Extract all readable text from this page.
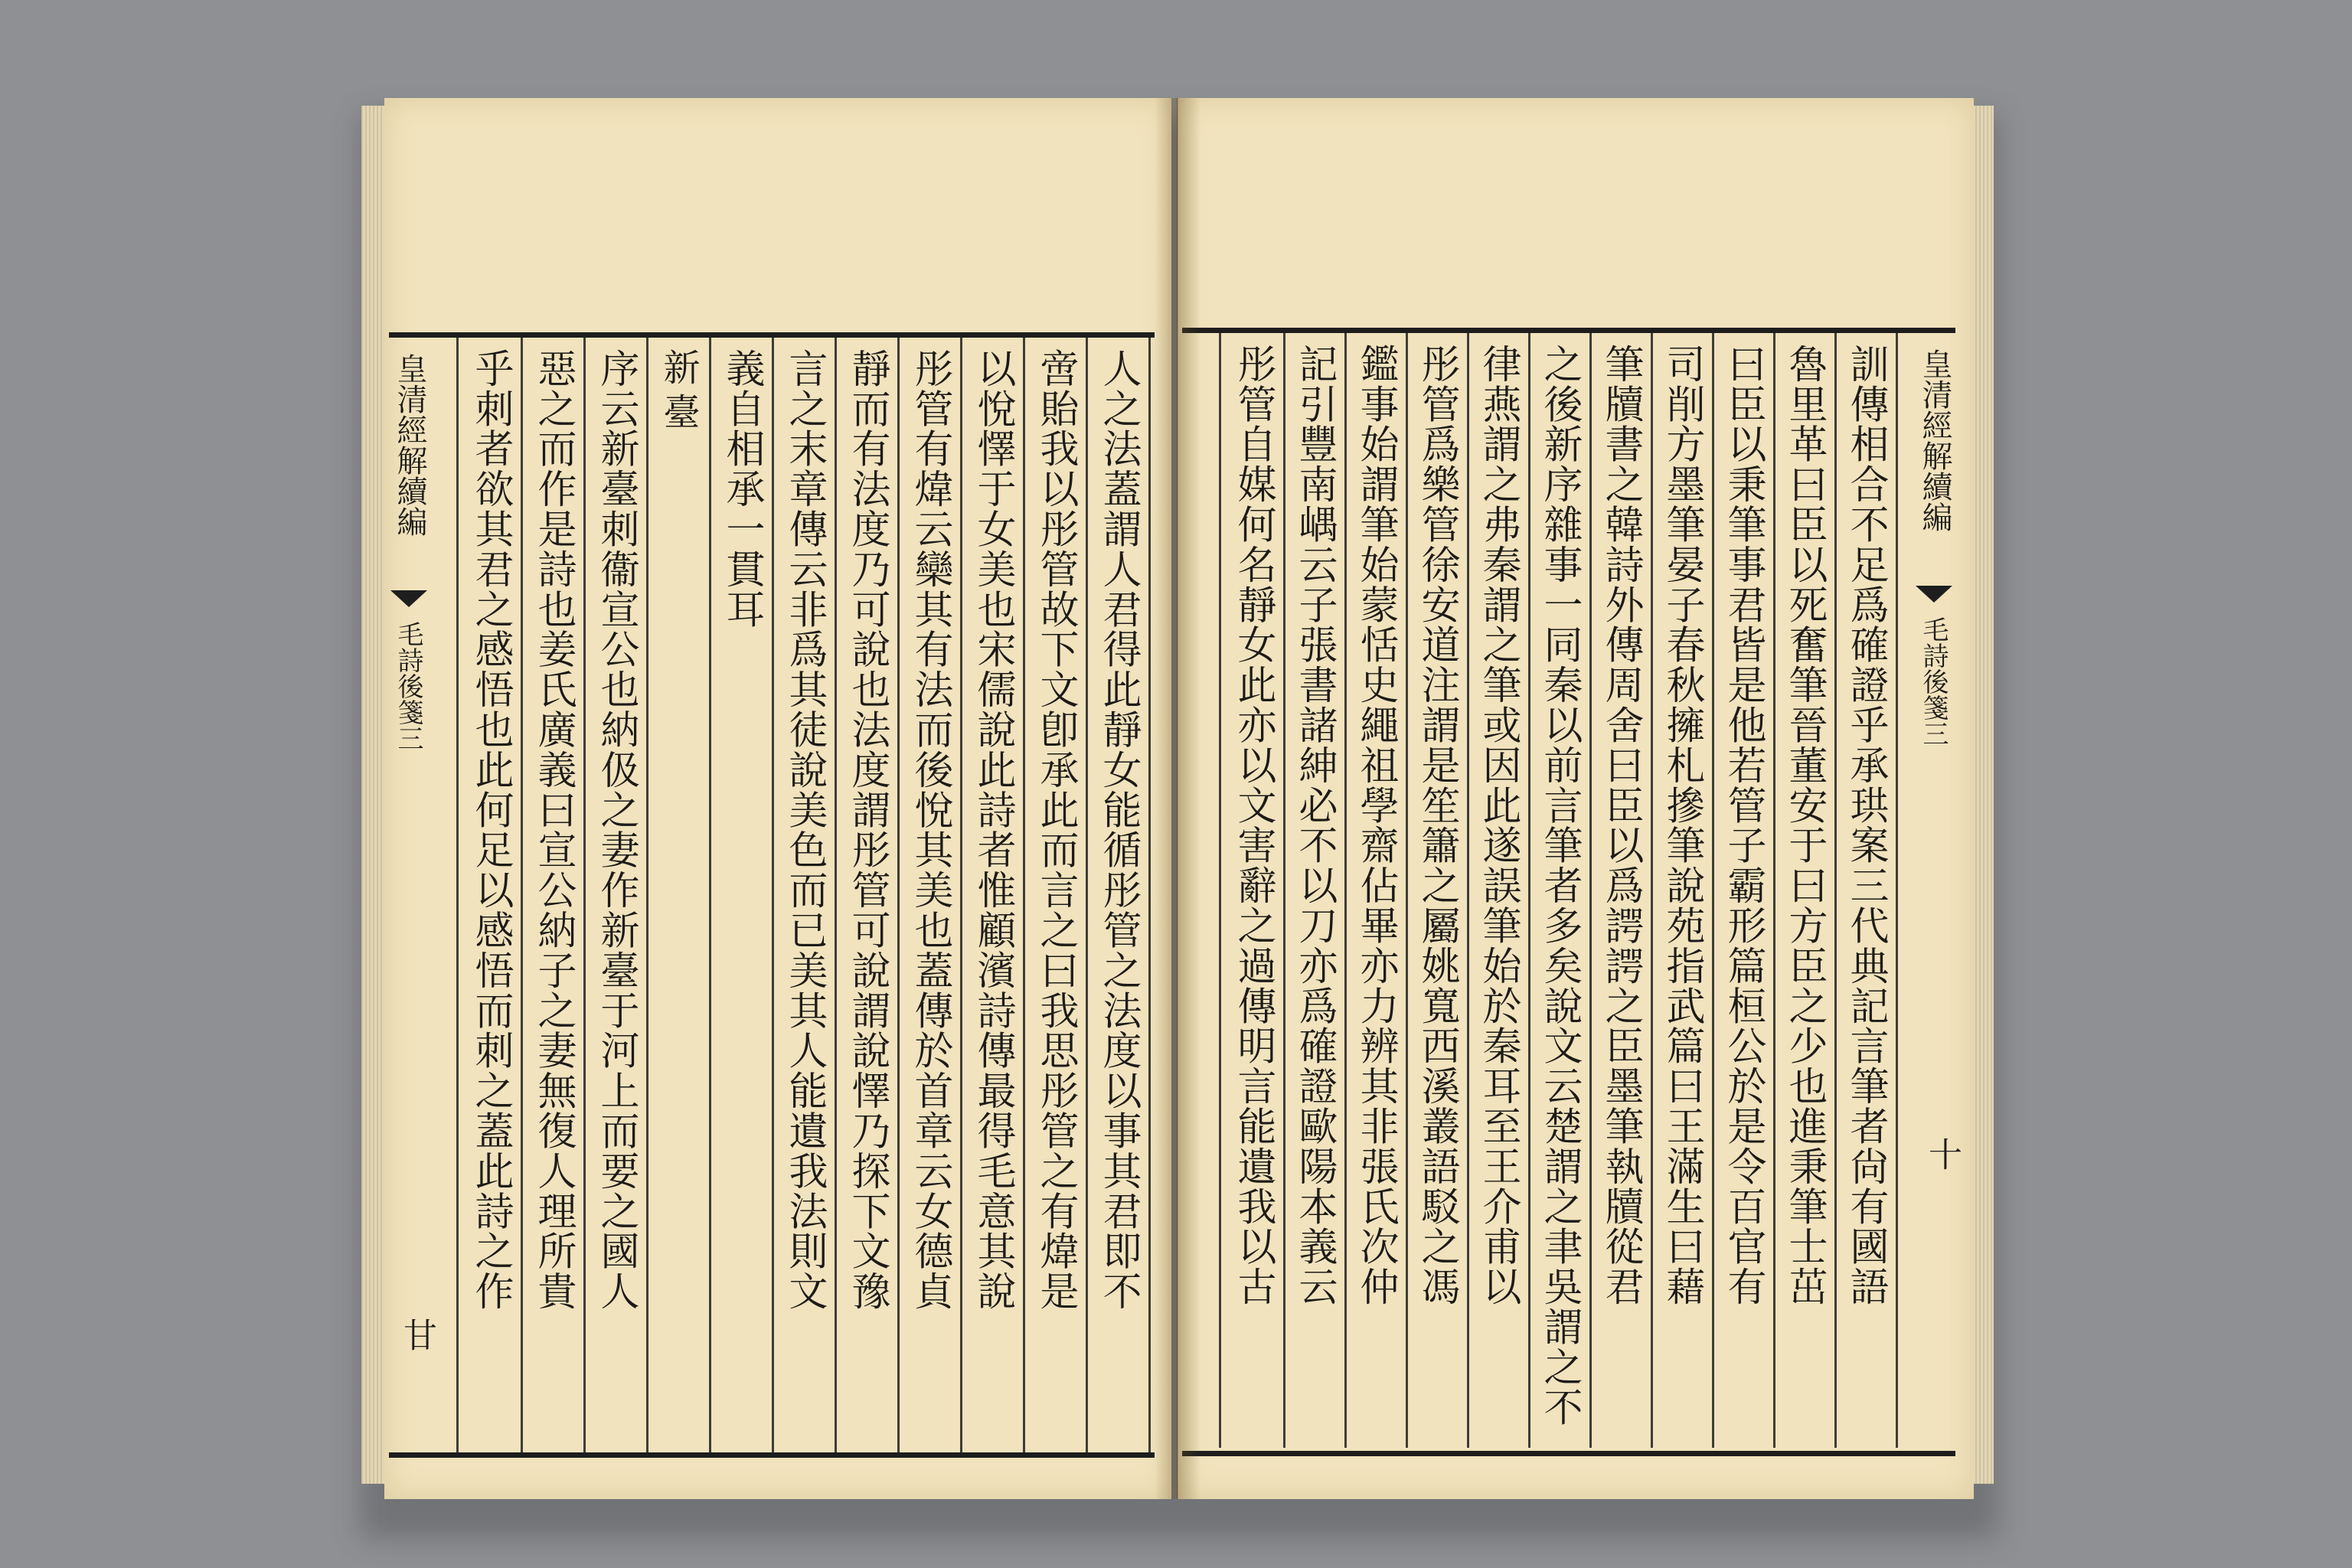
皇清經解續編
毛詩後箋三
甘
人之法蓋謂人君得此靜女能循彤管之法度以事其君即不
啻貽我以彤管故下文卽承此而言之曰我思彤管之有煒是
以悅懌于女美也宋儒說此詩者惟顧濱詩傳最得毛意其說
彤管有煒云欒其有法而後悅其美也蓋傳於首章云女德貞
靜而有法度乃可說也法度謂彤管可說謂說懌乃探下文豫
言之末章傳云非爲其徒說美色而已美其人能遺我法則文
義自相承一貫耳
新臺
序云新臺刺衞宣公也納伋之妻作新臺于河上而要之國人
惡之而作是詩也姜氏廣義曰宣公納子之妻無復人理所貴
乎刺者欲其君之感悟也此何足以感悟而刺之蓋此詩之作	皇清經解續編
毛詩後箋三
十
訓傳相合不足爲確證乎承珙案三代典記言筆者尙有國語
魯里革曰臣以死奮筆晉董安于曰方臣之少也進秉筆士茁
曰臣以秉筆事君皆是他若管子霸形篇桓公於是令百官有
司削方墨筆晏子春秋擁札摻筆說苑指武篇曰王滿生曰藉
筆牘書之韓詩外傳周舍曰臣以爲諤諤之臣墨筆執牘從君
之後新序雜事一同秦以前言筆者多矣說文云楚謂之聿吳謂之不
律燕謂之弗秦謂之筆或因此遂誤筆始於秦耳至王介甫以
彤管爲樂管徐安道注謂是笙簫之屬姚寬西溪叢語駁之馮
鑑事始謂筆始蒙恬史繩祖學齋佔畢亦力辨其非張氏次仲
記引豐南嵎云子張書諸紳必不以刀亦爲確證歐陽本義云
彤管自媒何名靜女此亦以文害辭之過傳明言能遺我以古
